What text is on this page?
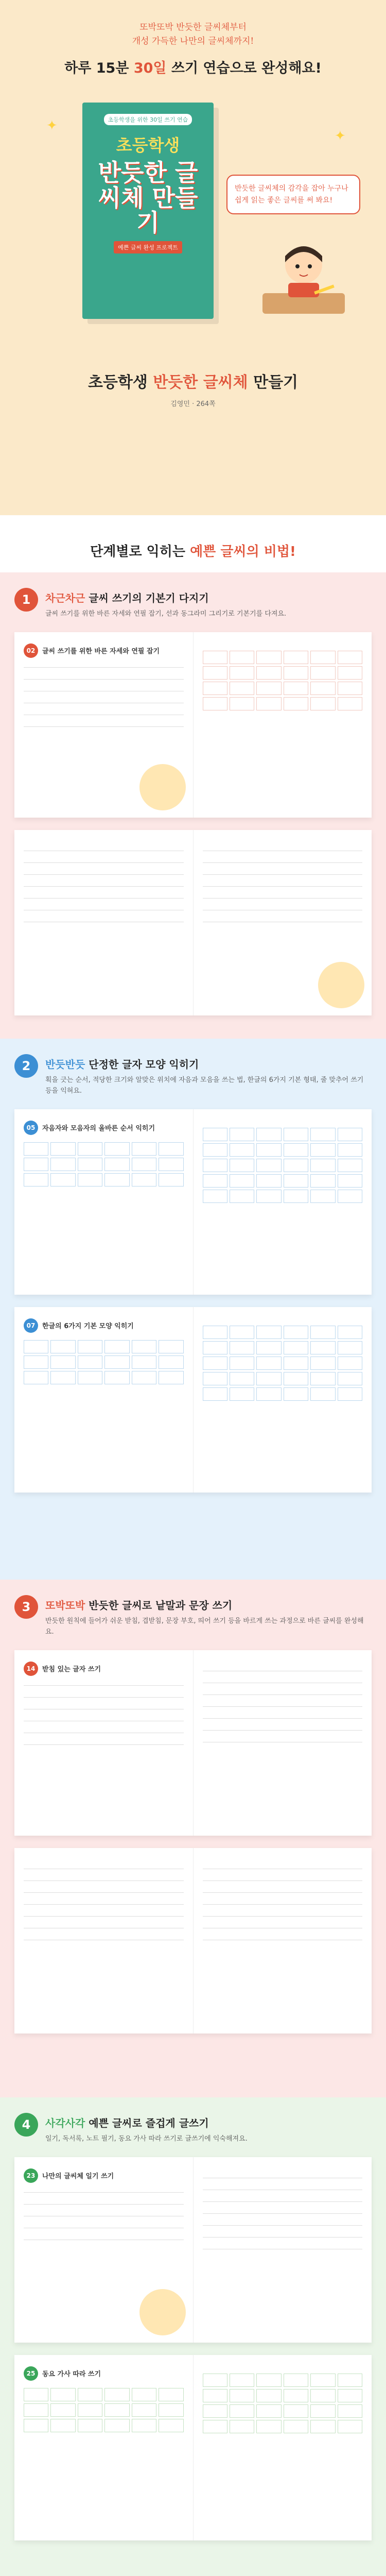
또박또박 반듯한 글씨체부터
개성 가득한 나만의 글씨체까지!
하루 15분 30일 쓰기 연습으로 완성해요!
✦
✦
초등학생을 위한 30일 쓰기 연습
초등학생
반듯한 글씨체 만들기
예쁜 글씨 완성 프로젝트
반듯한 글씨체의 감각을 잡아 누구나 쉽게 읽는 좋은 글씨를 써 봐요!
초등학생 반듯한 글씨체 만들기
김영민 · 264쪽
단계별로 익히는 예쁜 글씨의 비법!
1	차근차근 글씨 쓰기의 기본기 다지기
글씨 쓰기를 위한 바른 자세와 연필 잡기, 선과 동그라미 그리기로 기본기를 다져요.
02	글씨 쓰기를 위한 바른 자세와 연필 잡기
2	반듯반듯 단정한 글자 모양 익히기
획을 긋는 순서, 적당한 크기와 알맞은 위치에 자음과 모음을 쓰는 법, 한글의 6가지 기본 형태, 줄 맞추어 쓰기 등을 익혀요.
05	자음자와 모음자의 올바른 순서 익히기
07	한글의 6가지 기본 모양 익히기
3	또박또박 반듯한 글씨로 낱말과 문장 쓰기
반듯한 원칙에 들어가 쉬운 받침, 겹받침, 문장 부호, 띄어 쓰기 등을 바르게 쓰는 과정으로 바른 글씨를 완성해요.
14	받침 있는 글자 쓰기
4	사각사각 예쁜 글씨로 즐겁게 글쓰기
일기, 독서록, 노트 필기, 동요 가사 따라 쓰기로 글쓰기에 익숙해져요.
23	나만의 글씨체 일기 쓰기
25	동요 가사 따라 쓰기
